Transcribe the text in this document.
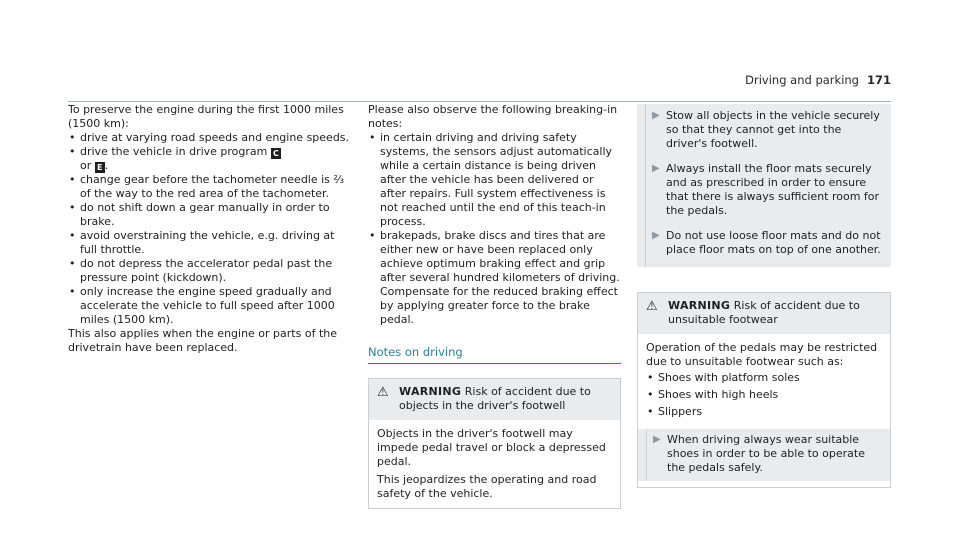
Driving and parking 171

To preserve the engine during the first 1000 miles (1500 km):

• drive at varying road speeds and engine speeds.
• drive the vehicle in drive program C
or E .
• change gear before the tachometer needle is ⅔ of the way to the red area of the tachometer.
• do not shift down a gear manually in order to brake.
• avoid overstraining the vehicle, e.g. driving at full throttle.
• do not depress the accelerator pedal past the pressure point (kickdown).
• only increase the engine speed gradually and accelerate the vehicle to full speed after 1000 miles (1500 km).

This also applies when the engine or parts of the drivetrain have been replaced.

Please also observe the following breaking-in notes:

• in certain driving and driving safety systems, the sensors adjust automatically while a certain distance is being driven after the vehicle has been delivered or after repairs. Full system effectiveness is not reached until the end of this teach-in process.
• brakepads, brake discs and tires that are either new or have been replaced only achieve optimum braking effect and grip after several hundred kilometers of driving. Compensate for the reduced braking effect by applying greater force to the brake pedal.

Notes on driving

⚠ WARNING Risk of accident due to objects in the driver's footwell

Objects in the driver's footwell may impede pedal travel or block a depressed pedal.

This jeopardizes the operating and road safety of the vehicle.

▶ Stow all objects in the vehicle securely so that they cannot get into the driver's footwell.

▶ Always install the floor mats securely and as prescribed in order to ensure that there is always sufficient room for the pedals.

▶ Do not use loose floor mats and do not place floor mats on top of one another.

⚠ WARNING Risk of accident due to unsuitable footwear

Operation of the pedals may be restricted due to unsuitable footwear such as:

• Shoes with platform soles
• Shoes with high heels
• Slippers
▶ When driving always wear suitable shoes in order to be able to operate the pedals safely.
